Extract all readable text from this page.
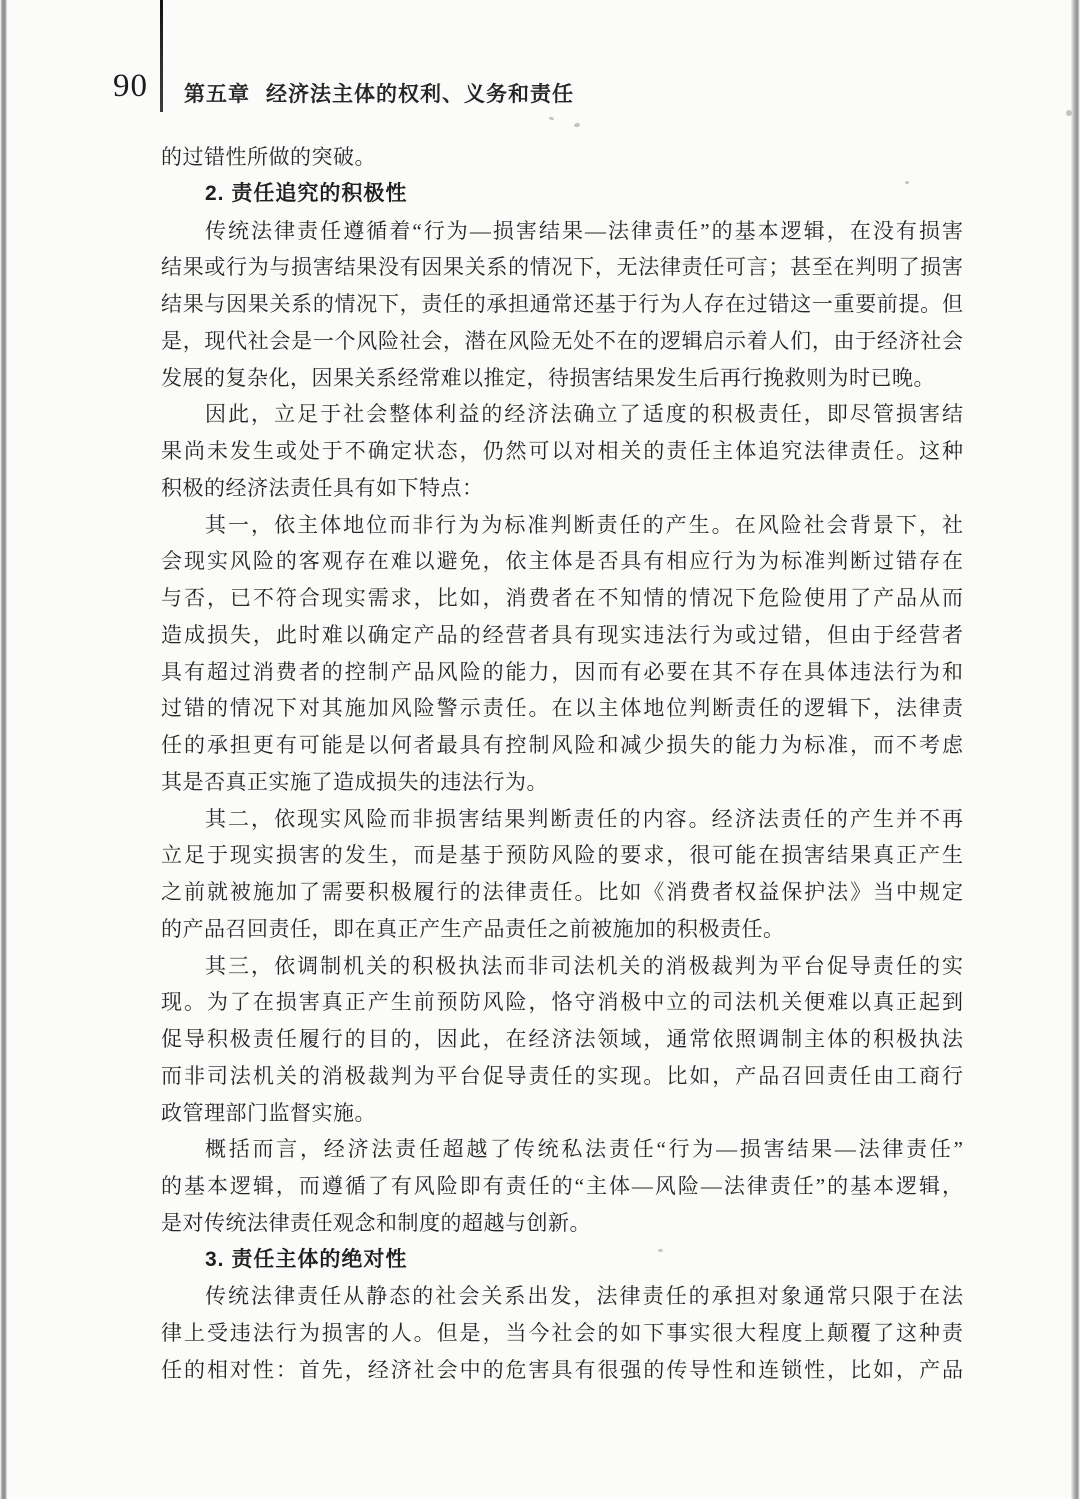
90 第五章 经济法主体的权利、义务和责任
的过错性所做的突破。
2. 责任追究的积极性
传统法律责任遵循着“行为—损害结果—法律责任”的基本逻辑，在没有损害
结果或行为与损害结果没有因果关系的情况下，无法律责任可言；甚至在判明了损害
结果与因果关系的情况下，责任的承担通常还基于行为人存在过错这一重要前提。但
是，现代社会是一个风险社会，潜在风险无处不在的逻辑启示着人们，由于经济社会
发展的复杂化，因果关系经常难以推定，待损害结果发生后再行挽救则为时已晚。
因此，立足于社会整体利益的经济法确立了适度的积极责任，即尽管损害结
果尚未发生或处于不确定状态，仍然可以对相关的责任主体追究法律责任。这种
积极的经济法责任具有如下特点：
其一，依主体地位而非行为为标准判断责任的产生。在风险社会背景下，社
会现实风险的客观存在难以避免，依主体是否具有相应行为为标准判断过错存在
与否，已不符合现实需求，比如，消费者在不知情的情况下危险使用了产品从而
造成损失，此时难以确定产品的经营者具有现实违法行为或过错，但由于经营者
具有超过消费者的控制产品风险的能力，因而有必要在其不存在具体违法行为和
过错的情况下对其施加风险警示责任。在以主体地位判断责任的逻辑下，法律责
任的承担更有可能是以何者最具有控制风险和减少损失的能力为标准，而不考虑
其是否真正实施了造成损失的违法行为。
其二，依现实风险而非损害结果判断责任的内容。经济法责任的产生并不再
立足于现实损害的发生，而是基于预防风险的要求，很可能在损害结果真正产生
之前就被施加了需要积极履行的法律责任。比如《消费者权益保护法》当中规定
的产品召回责任，即在真正产生产品责任之前被施加的积极责任。
其三，依调制机关的积极执法而非司法机关的消极裁判为平台促导责任的实
现。为了在损害真正产生前预防风险，恪守消极中立的司法机关便难以真正起到
促导积极责任履行的目的，因此，在经济法领域，通常依照调制主体的积极执法
而非司法机关的消极裁判为平台促导责任的实现。比如，产品召回责任由工商行
政管理部门监督实施。
概括而言，经济法责任超越了传统私法责任“行为—损害结果—法律责任”
的基本逻辑，而遵循了有风险即有责任的“主体—风险—法律责任”的基本逻辑，
是对传统法律责任观念和制度的超越与创新。
3. 责任主体的绝对性
传统法律责任从静态的社会关系出发，法律责任的承担对象通常只限于在法
律上受违法行为损害的人。但是，当今社会的如下事实很大程度上颠覆了这种责
任的相对性：首先，经济社会中的危害具有很强的传导性和连锁性，比如，产品
